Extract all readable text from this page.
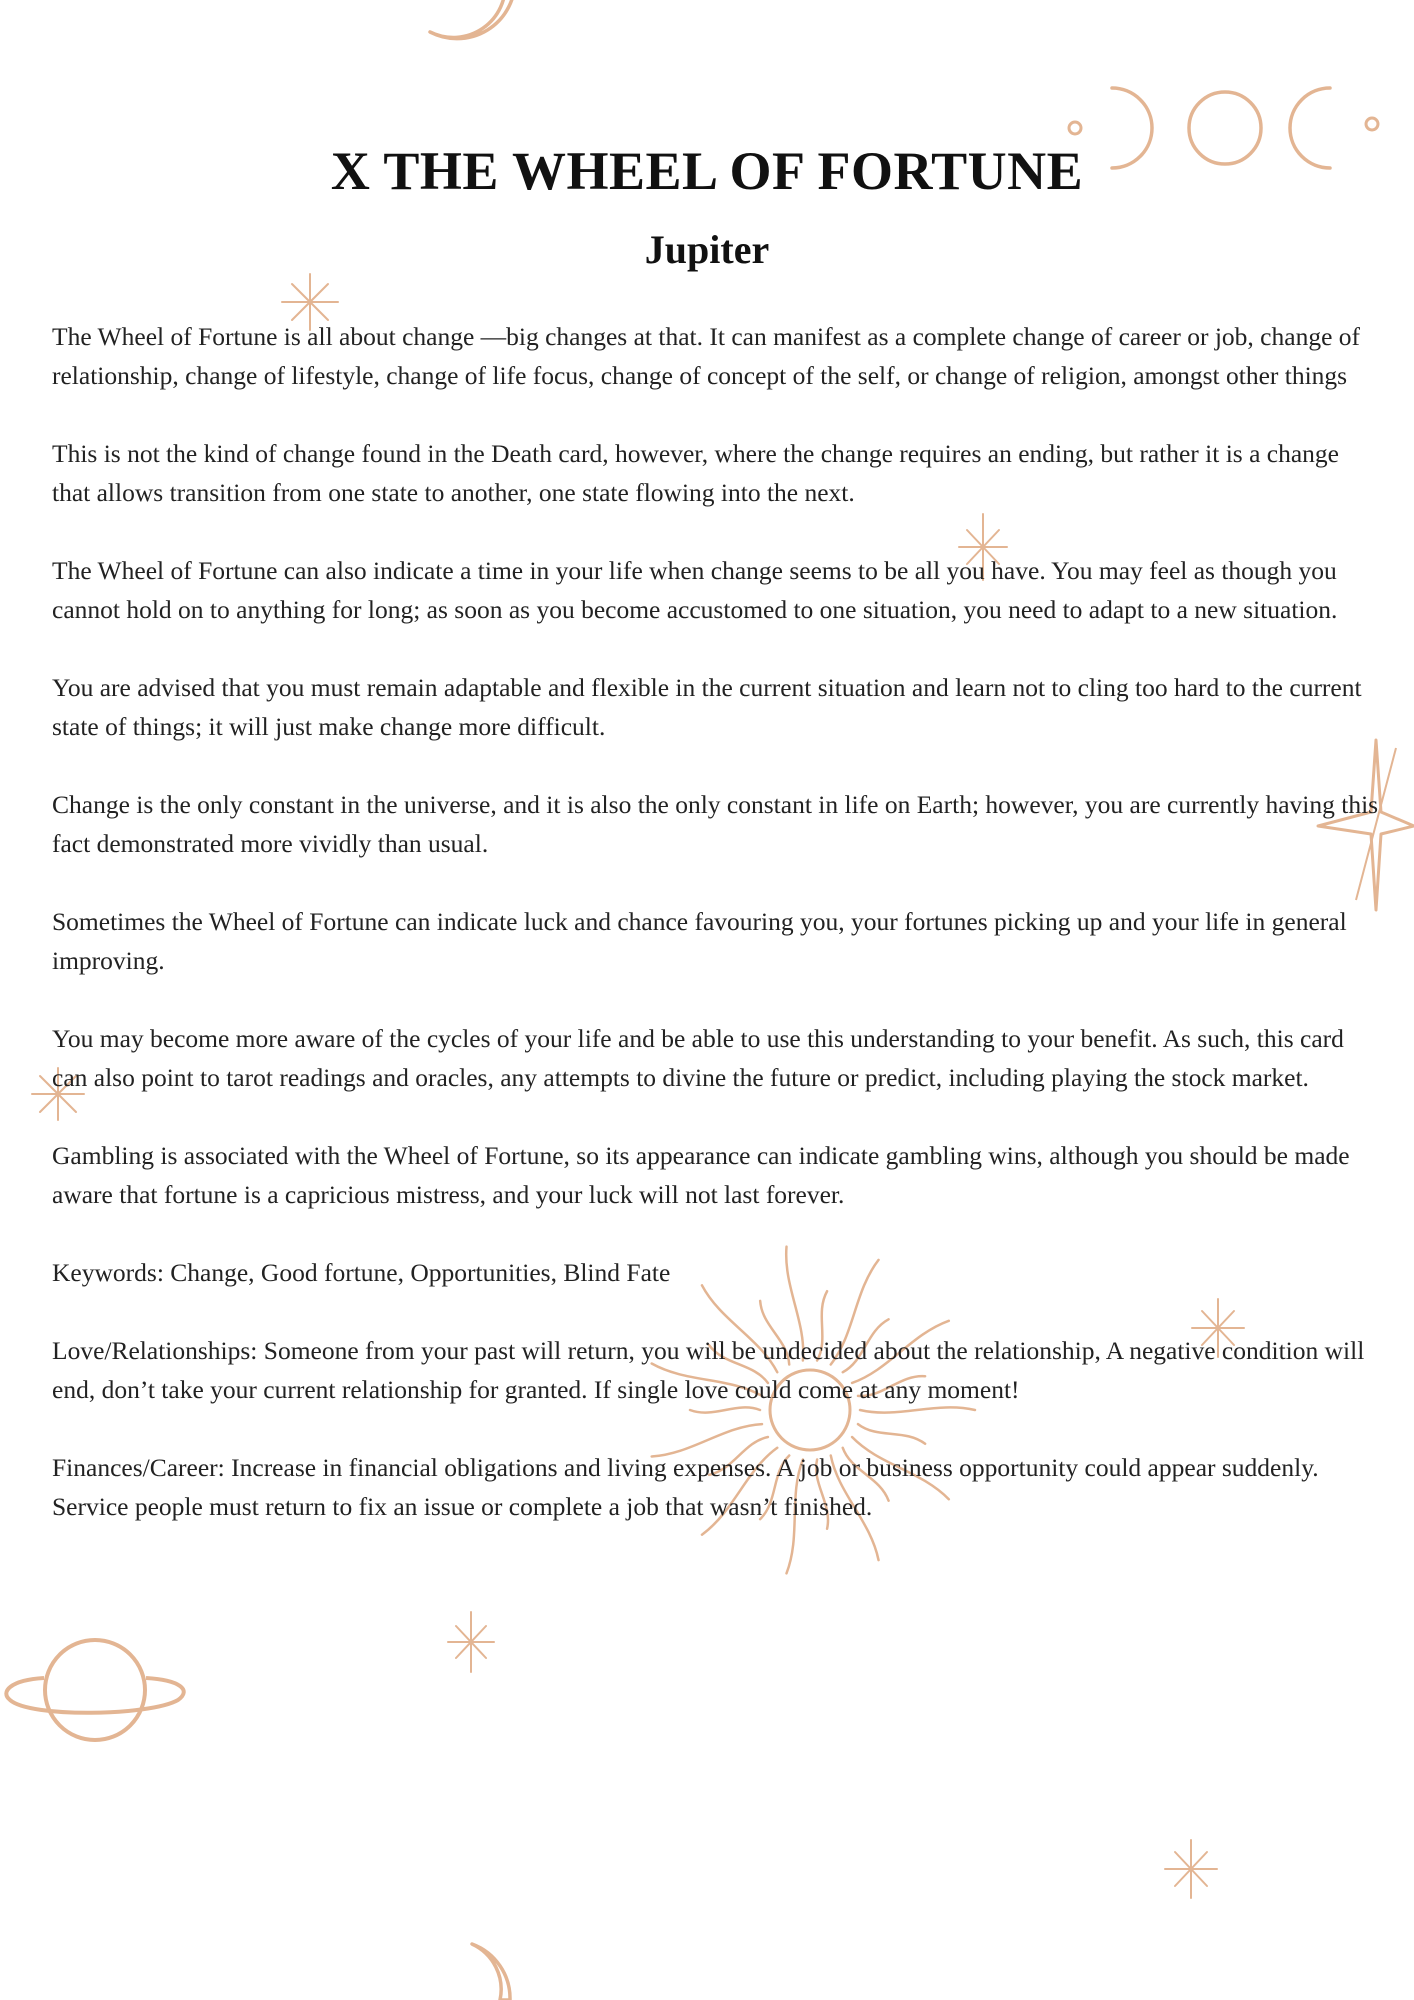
X THE WHEEL OF FORTUNE
Jupiter

The Wheel of Fortune is all about change —big changes at that. It can manifest as a complete change of career or job, change of relationship, change of lifestyle, change of life focus, change of concept of the self, or change of religion, amongst other things

This is not the kind of change found in the Death card, however, where the change requires an ending, but rather it is a change that allows transition from one state to another, one state flowing into the next.

The Wheel of Fortune can also indicate a time in your life when change seems to be all you have. You may feel as though you cannot hold on to anything for long; as soon as you become accustomed to one situation, you need to adapt to a new situation.

You are advised that you must remain adaptable and flexible in the current situation and learn not to cling too hard to the current state of things; it will just make change more difficult.

Change is the only constant in the universe, and it is also the only constant in life on Earth; however, you are currently having this fact demonstrated more vividly than usual.

Sometimes the Wheel of Fortune can indicate luck and chance favouring you, your fortunes picking up and your life in general improving.

You may become more aware of the cycles of your life and be able to use this understanding to your benefit. As such, this card can also point to tarot readings and oracles, any attempts to divine the future or predict, including playing the stock market.

Gambling is associated with the Wheel of Fortune, so its appearance can indicate gambling wins, although you should be made aware that fortune is a capricious mistress, and your luck will not last forever.

Keywords: Change, Good fortune, Opportunities, Blind Fate

Love/Relationships: Someone from your past will return, you will be undecided about the relationship, A negative condition will end, don’t take your current relationship for granted. If single love could come at any moment!

Finances/Career: Increase in financial obligations and living expenses. A job or business opportunity could appear suddenly. Service people must return to fix an issue or complete a job that wasn’t finished.
